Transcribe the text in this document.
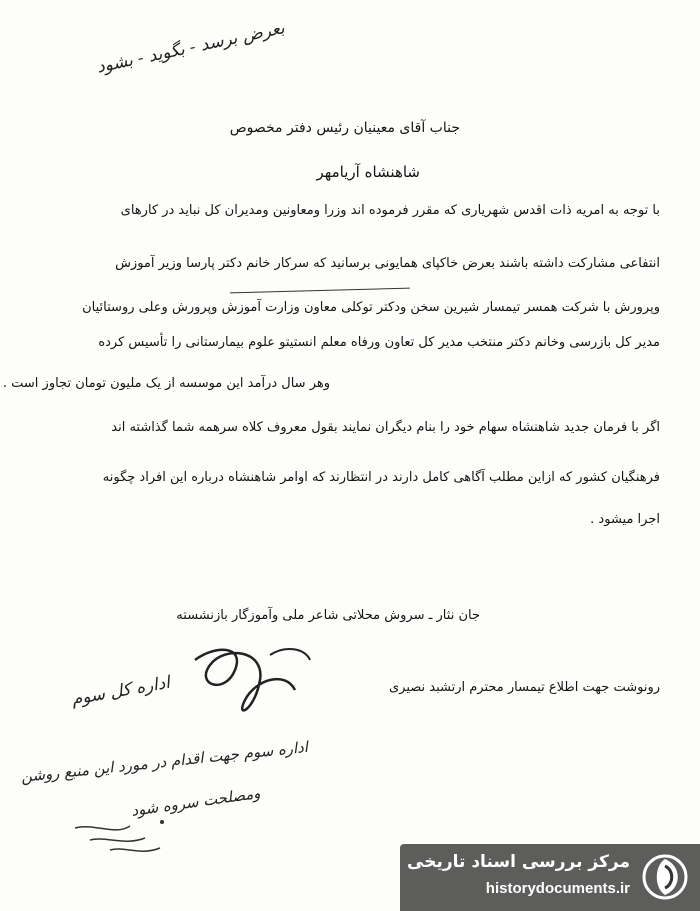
بعرض برسد - بگوید - بشود
جناب آقای معینیان رئیس دفتر مخصوص
شاهنشاه آریامهر
با توجه به امریه ذات اقدس شهریاری که مقرر فرموده اند وزرا ومعاونین ومدیران کل نباید در کارهای
انتفاعی مشارکت داشته باشند بعرض خاکپای همایونی برسانید که سرکار خانم دکتر پارسا وزیر آموزش
وپرورش با شرکت همسر تیمسار شیرین سخن ودکتر توکلی معاون وزارت آموزش وپرورش وعلی روستائیان
مدیر کل بازرسی وخانم دکتر منتخب مدیر کل تعاون ورفاه معلم انستیتو علوم بیمارستانی را تأسیس کرده
وهر سال درآمد این موسسه از یک ملیون تومان تجاوز است .
اگر با فرمان جدید شاهنشاه سهام خود را بنام دیگران نمایند بقول معروف کلاه سرهمه شما گذاشته اند
فرهنگیان کشور که ازاین مطلب آگاهی کامل دارند در انتظارند که اوامر شاهنشاه درباره این افراد چگونه
اجرا میشود .
جان نثار ـ سروش محلاتی شاعر ملی وآموزگار بازنشسته
اداره کل سوم	رونوشت جهت اطلاع تیمسار محترم ارتشبد نصیری
اداره سوم جهت اقدام در مورد این منبع روشن
ومصلحت سروه شود
مرکز بررسی اسناد تاریخی
historydocuments.ir
